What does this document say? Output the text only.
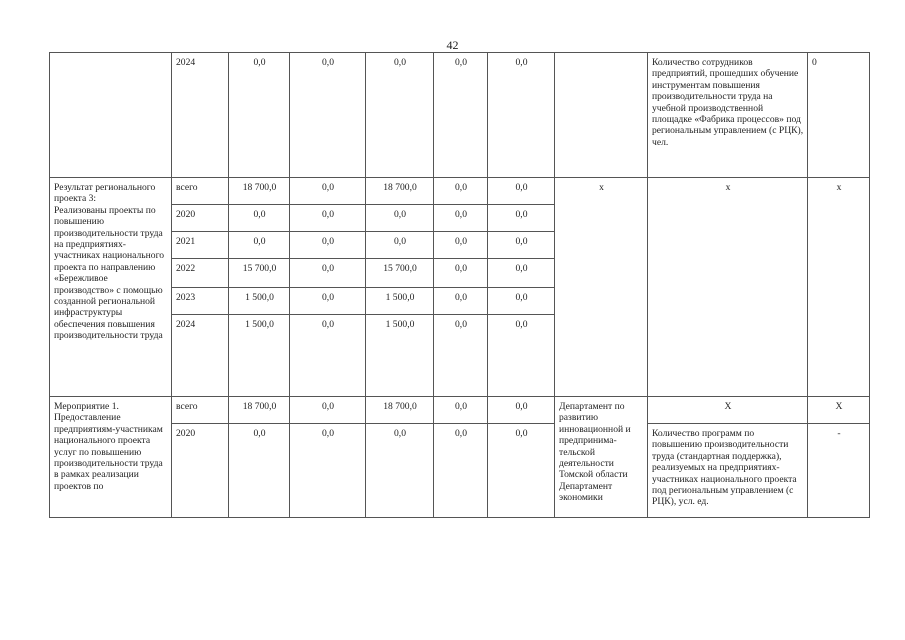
42
	2024	0,0	0,0	0,0	0,0	0,0		Количество сотрудников предприятий, прошедших обучение инструментам повышения производительности труда на учебной производственной площадке «Фабрика процессов» под региональным управлением (с РЦК), чел.	0
Результат регионального проекта 3:
Реализованы проекты по повышению производительности труда на предприятиях-участниках национального проекта по направлению «Бережливое производство» с помощью созданной региональной инфраструктуры обеспечения повышения производительности труда	всего	18 700,0	0,0	18 700,0	0,0	0,0	х	х	х
	2020	0,0	0,0	0,0	0,0	0,0			
	2021	0,0	0,0	0,0	0,0	0,0			
	2022	15 700,0	0,0	15 700,0	0,0	0,0			
	2023	1 500,0	0,0	1 500,0	0,0	0,0			
	2024	1 500,0	0,0	1 500,0	0,0	0,0			
Мероприятие 1.
Предоставление предприятиям-участникам национального проекта услуг по повышению производительности труда в рамках реализации проектов по	всего	18 700,0	0,0	18 700,0	0,0	0,0	Департамент по развитию инновационной и предпринима-тельской деятельности Томской области Департамент экономики	Х	Х
	2020	0,0	0,0	0,0	0,0	0,0		Количество программ по повышению производительности труда (стандартная поддержка), реализуемых на предприятиях-участниках национального проекта под региональным управлением (с РЦК), усл. ед.	-
